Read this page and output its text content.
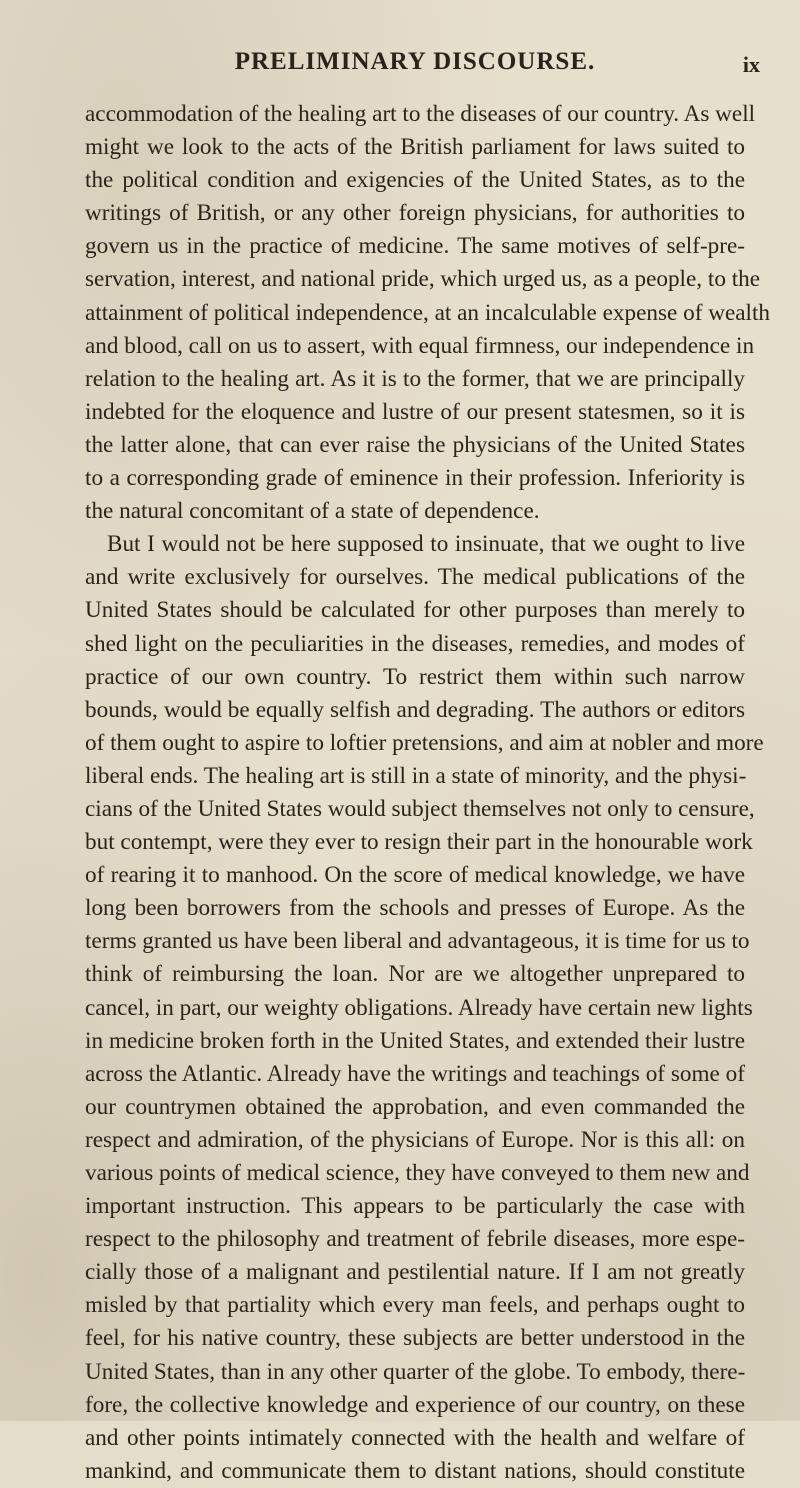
PRELIMINARY DISCOURSE.	ix
accommodation of the healing art to the diseases of our country. As well
might we look to the acts of the British parliament for laws suited to
the political condition and exigencies of the United States, as to the
writings of British, or any other foreign physicians, for authorities to
govern us in the practice of medicine. The same motives of self-pre-
servation, interest, and national pride, which urged us, as a people, to the
attainment of political independence, at an incalculable expense of wealth
and blood, call on us to assert, with equal firmness, our independence in
relation to the healing art. As it is to the former, that we are principally
indebted for the eloquence and lustre of our present statesmen, so it is
the latter alone, that can ever raise the physicians of the United States
to a corresponding grade of eminence in their profession. Inferiority is
the natural concomitant of a state of dependence.
But I would not be here supposed to insinuate, that we ought to live
and write exclusively for ourselves. The medical publications of the
United States should be calculated for other purposes than merely to
shed light on the peculiarities in the diseases, remedies, and modes of
practice of our own country. To restrict them within such narrow
bounds, would be equally selfish and degrading. The authors or editors
of them ought to aspire to loftier pretensions, and aim at nobler and more
liberal ends. The healing art is still in a state of minority, and the physi-
cians of the United States would subject themselves not only to censure,
but contempt, were they ever to resign their part in the honourable work
of rearing it to manhood. On the score of medical knowledge, we have
long been borrowers from the schools and presses of Europe. As the
terms granted us have been liberal and advantageous, it is time for us to
think of reimbursing the loan. Nor are we altogether unprepared to
cancel, in part, our weighty obligations. Already have certain new lights
in medicine broken forth in the United States, and extended their lustre
across the Atlantic. Already have the writings and teachings of some of
our countrymen obtained the approbation, and even commanded the
respect and admiration, of the physicians of Europe. Nor is this all: on
various points of medical science, they have conveyed to them new and
important instruction. This appears to be particularly the case with
respect to the philosophy and treatment of febrile diseases, more espe-
cially those of a malignant and pestilential nature. If I am not greatly
misled by that partiality which every man feels, and perhaps ought to
feel, for his native country, these subjects are better understood in the
United States, than in any other quarter of the globe. To embody, there-
fore, the collective knowledge and experience of our country, on these
and other points intimately connected with the health and welfare of
mankind, and communicate them to distant nations, should constitute
